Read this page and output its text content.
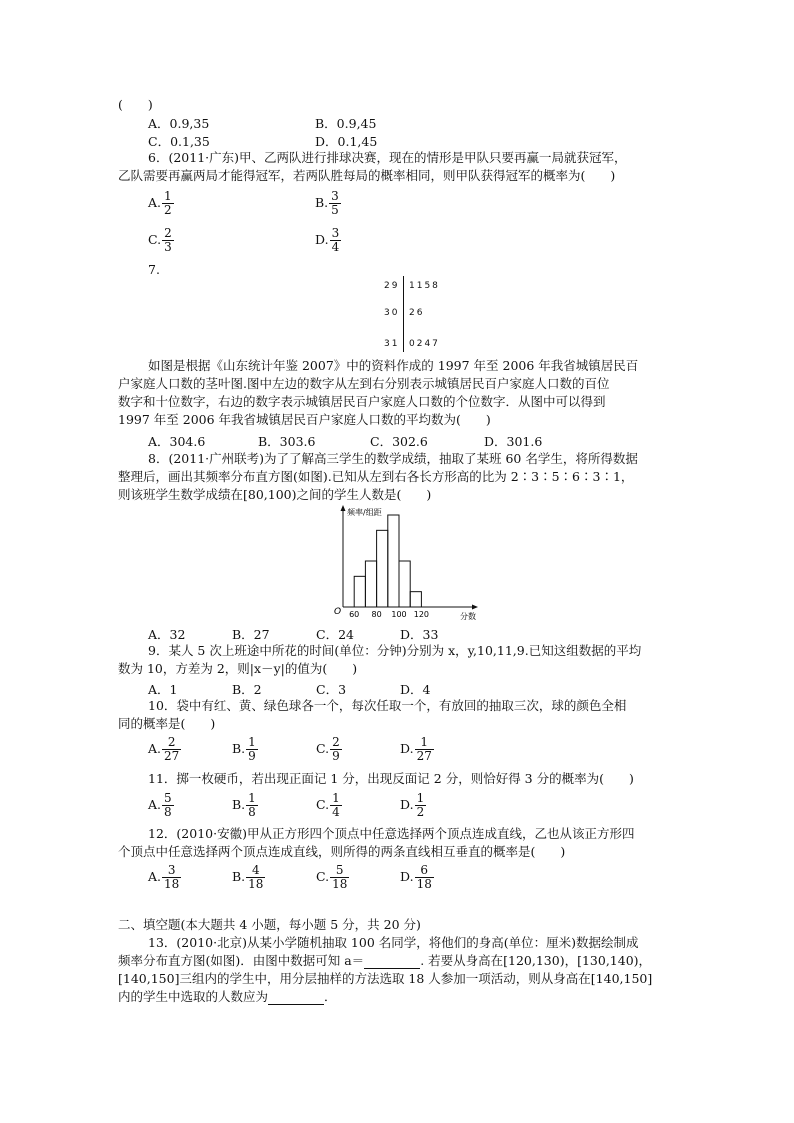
(　　)
A．0.9,35	B．0.9,45
C．0.1,35	D．0.1,45
6．(2011·广东)甲、乙两队进行排球决赛，现在的情形是甲队只要再赢一局就获冠军，
乙队需要再赢两局才能得冠军，若两队胜每局的概率相同，则甲队获得冠军的概率为(　　)
A. $\frac{1}{2}$	B. $\frac{3}{5}$
C. $\frac{2}{3}$	D. $\frac{3}{4}$
7.
29 1158
30 26
31 0247
如图是根据《山东统计年鉴 2007》中的资料作成的 1997 年至 2006 年我省城镇居民百
户家庭人口数的茎叶图.图中左边的数字从左到右分别表示城镇居民百户家庭人口数的百位
数字和十位数字，右边的数字表示城镇居民百户家庭人口数的个位数字．从图中可以得到
1997 年至 2006 年我省城镇居民百户家庭人口数的平均数为(　　)
A．304.6	B．303.6	C．302.6	D．301.6
8．(2011·广州联考)为了了解高三学生的数学成绩，抽取了某班 60 名学生，将所得数据
整理后，画出其频率分布直方图(如图).已知从左到右各长方形高的比为 2∶3∶5∶6∶3∶1，
则该班学生数学成绩在[80,100)之间的学生人数是(　　)
频率/组距
O	分数
60 80 100 120
A．32	B．27	C．24	D．33
9．某人 5 次上班途中所花的时间(单位：分钟)分别为 x，y,10,11,9.已知这组数据的平均
数为 10，方差为 2，则|x－y|的值为(　　)
A．1	B．2	C．3	D．4
10．袋中有红、黄、绿色球各一个，每次任取一个，有放回的抽取三次，球的颜色全相
同的概率是(　　)
A. $\frac{2}{27}$	B. $\frac{1}{9}$	C. $\frac{2}{9}$	D. $\frac{1}{27}$
11．掷一枚硬币，若出现正面记 1 分，出现反面记 2 分，则恰好得 3 分的概率为(　　)
A. $\frac{5}{8}$	B. $\frac{1}{8}$	C. $\frac{1}{4}$	D. $\frac{1}{2}$
12．(2010·安徽)甲从正方形四个顶点中任意选择两个顶点连成直线，乙也从该正方形四
个顶点中任意选择两个顶点连成直线，则所得的两条直线相互垂直的概率是(　　)
A. $\frac{3}{18}$	B. $\frac{4}{18}$	C. $\frac{5}{18}$	D. $\frac{6}{18}$
二、填空题(本大题共 4 小题，每小题 5 分，共 20 分)
13．(2010·北京)从某小学随机抽取 100 名同学，将他们的身高(单位：厘米)数据绘制成
频率分布直方图(如图)．由图中数据可知 a＝	. 若要从身高在[120,130)，[130,140)，
[140,150]三组内的学生中，用分层抽样的方法选取 18 人参加一项活动，则从身高在[140,150]
内的学生中选取的人数应为	．
